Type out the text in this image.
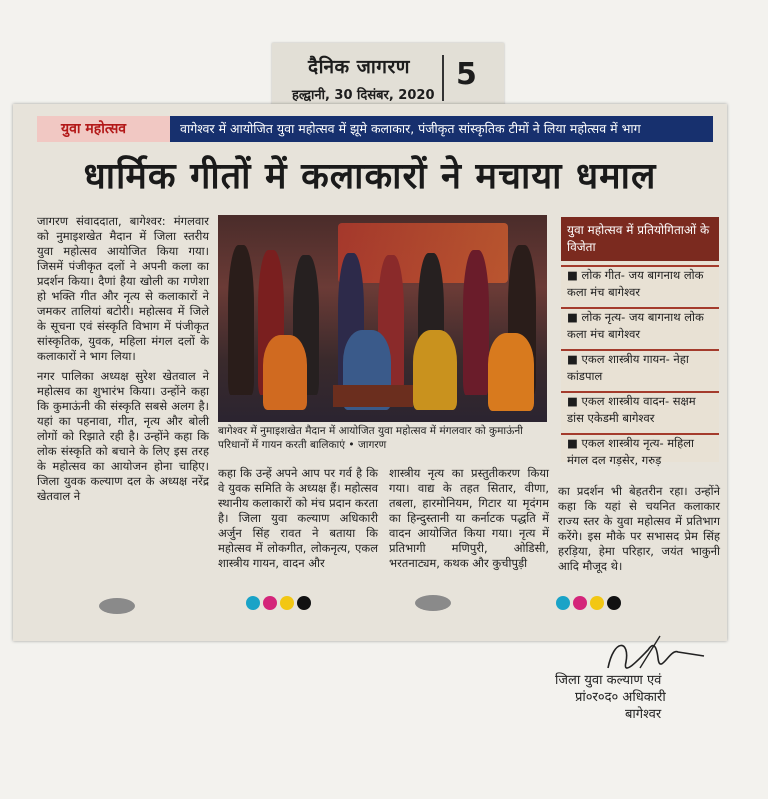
दैनिक जागरण
हल्द्वानी, 30 दिसंबर, 2020
5
युवा महोत्सव	वागेश्वर में आयोजित युवा महोत्सव में झूमे कलाकार, पंजीकृत सांस्कृतिक टीमों ने लिया महोत्सव में भाग
धार्मिक गीतों में कलाकारों ने मचाया धमाल

जागरण संवाददाता, बागेश्वर: मंगलवार को नुमाइशखेत मैदान में जिला स्तरीय युवा महोत्सव आयोजित किया गया। जिसमें पंजीकृत दलों ने अपनी कला का प्रदर्शन किया। दैणां हैया खोली का गणेशा हो भक्ति गीत और नृत्य से कलाकारों ने जमकर तालियां बटोरी। महोत्सव में जिले के सूचना एवं संस्कृति विभाग में पंजीकृत सांस्कृतिक, युवक, महिला मंगल दलों के कलाकारों ने भाग लिया।

नगर पालिका अध्यक्ष सुरेश खेतवाल ने महोत्सव का शुभारंभ किया। उन्होंने कहा कि कुमाऊंनी की संस्कृति सबसे अलग है। यहां का पहनावा, गीत, नृत्य और बोली लोगों को रिझाते रही है। उन्होंने कहा कि लोक संस्कृति को बचाने के लिए इस तरह के महोत्सव का आयोजन होना चाहिए। जिला युवक कल्याण दल के अध्यक्ष नरेंद्र खेतवाल ने

बागेश्वर में नुमाइशखेत मैदान में आयोजित युवा महोत्सव में मंगलवार को कुमाऊंनी परिधानों में गायन करती बालिकाएं • जागरण
युवा महोत्सव में प्रतियोगिताओं के विजेता
■ लोक गीत- जय बागनाथ लोक कला मंच बागेश्वर
■ लोक नृत्य- जय बागनाथ लोक कला मंच बागेश्वर
■ एकल शास्त्रीय गायन- नेहा कांडपाल
■ एकल शास्त्रीय वादन- सक्षम डांस एकेडमी बागेश्वर
■ एकल शास्त्रीय नृत्य- महिला मंगल दल गड़सेर, गरुड़
कहा कि उन्हें अपने आप पर गर्व है कि वे युवक समिति के अध्यक्ष हैं। महोत्सव स्थानीय कलाकारों को मंच प्रदान करता है। जिला युवा कल्याण अधिकारी अर्जुन सिंह रावत ने बताया कि महोत्सव में लोकगीत, लोकनृत्य, एकल शास्त्रीय गायन, वादन और
शास्त्रीय नृत्य का प्रस्तुतीकरण किया गया। वाद्य के तहत सितार, वीणा, तबला, हारमोनियम, गिटार या मृदंगम का हिन्दुस्तानी या कर्नाटक पद्धति में वादन आयोजित किया गया। नृत्य में प्रतिभागी मणिपुरी, ओडिसी, भरतनाट्यम, कथक और कुचीपुड़ी
का प्रदर्शन भी बेहतरीन रहा। उन्होंने कहा कि यहां से चयनित कलाकार राज्य स्तर के युवा महोत्सव में प्रतिभाग करेंगे। इस मौके पर सभासद प्रेम सिंह हरड़िया, हेमा परिहार, जयंत भाकुनी आदि मौजूद थे।
जिला युवा कल्याण एवं
प्रां०र०द० अधिकारी
बागेश्वर
